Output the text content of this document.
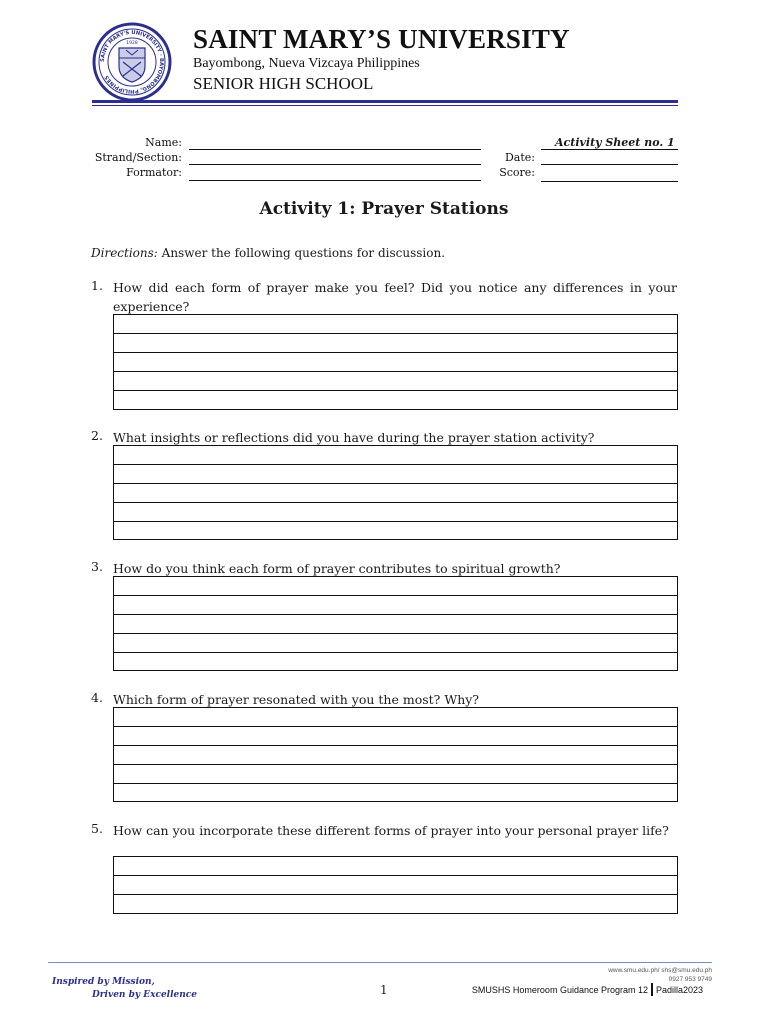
SAINT MARY'S UNIVERSITY · BAYOMBONG, PHILIPPINES
1928 SAINT MARY’S UNIVERSITY
Bayombong, Nueva Vizcaya Philippines
SENIOR HIGH SCHOOL
Name:
Strand/Section:
Formator:
Activity Sheet no. 1
Date:
Score:
Activity 1: Prayer Stations
Directions: Answer the following questions for discussion.
1. How did each form of prayer make you feel? Did you notice any differences in your experience?
2. What insights or reflections did you have during the prayer station activity?
3. How do you think each form of prayer contributes to spiritual growth?
4. Which form of prayer resonated with you the most? Why?
5. How can you incorporate these different forms of prayer into your personal prayer life?
Inspired by Mission,
Driven by Excellence
www.smu.edu.ph/ shs@smu.edu.ph
0927 953 9749
1	SMUSHS Homeroom Guidance Program 12 Padilla2023
